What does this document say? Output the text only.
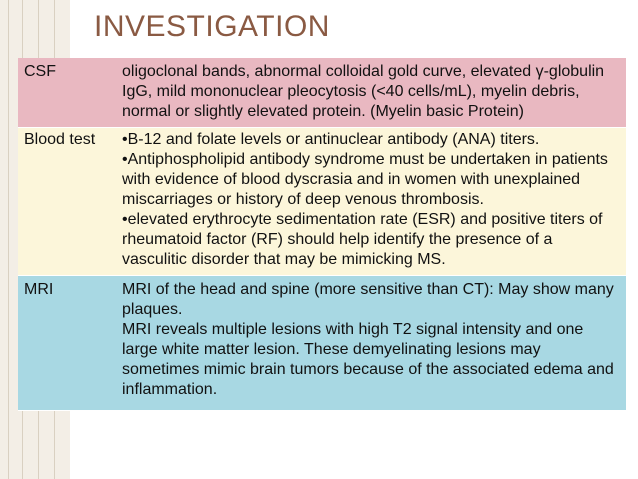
INVESTIGATION
CSF	oligoclonal bands, abnormal colloidal gold curve, elevated γ-globulin IgG, mild mononuclear pleocytosis (<40 cells/mL), myelin debris, normal or slightly elevated protein. (Myelin basic Protein)

Blood test	•B-12 and folate levels or antinuclear antibody (ANA) titers.
•Antiphospholipid antibody syndrome must be undertaken in patients with evidence of blood dyscrasia and in women with unexplained miscarriages or history of deep venous thrombosis.
•elevated erythrocyte sedimentation rate (ESR) and positive titers of rheumatoid factor (RF) should help identify the presence of a vasculitic disorder that may be mimicking MS.

MRI	MRI of the head and spine (more sensitive than CT): May show many plaques.
MRI reveals multiple lesions with high T2 signal intensity and one large white matter lesion. These demyelinating lesions may sometimes mimic brain tumors because of the associated edema and inflammation.
